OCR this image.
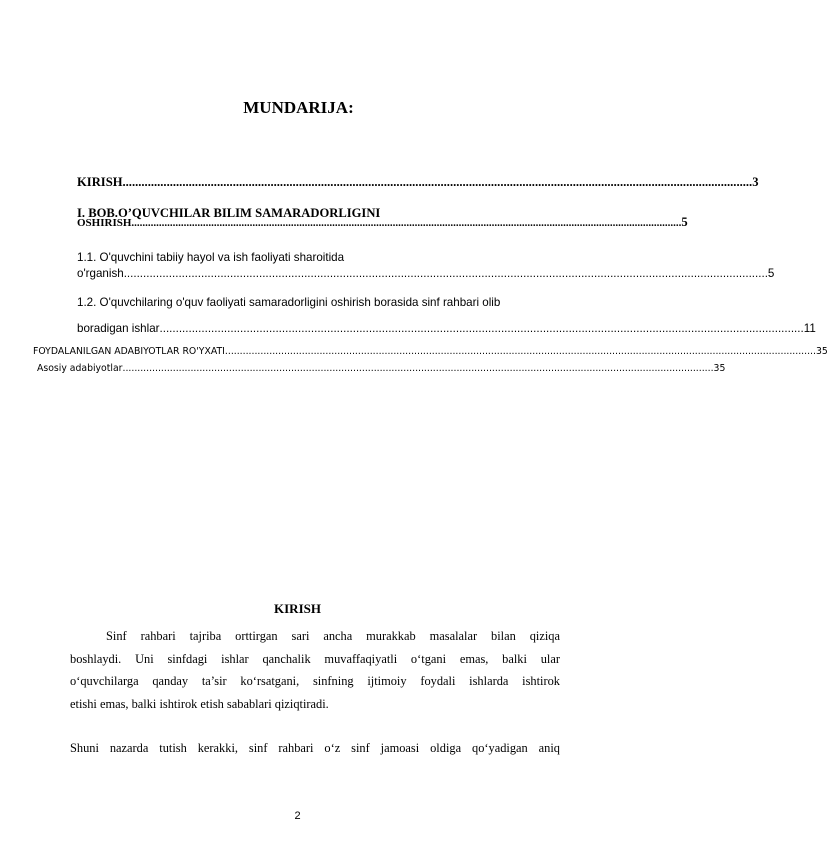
MUNDARIJA:
KIRISH ........................................................................................................................................................................................................ 3
I. BOB.O’QUVCHILAR BILIM SAMARADORLIGINI
OSHIRISH ........................................................................................................................................................................................................ 5
1.1. O'quvchini tabiiy hayol va ish faoliyati sharoitida
o'rganish ........................................................................................................................................................................................................ 5
1.2. O'quvchilaring o'quv faoliyati samaradorligini oshirish borasida sinf rahbari olib
boradigan ishlar ........................................................................................................................................................................................................ 11
FOYDALANILGAN ADABIYOTLAR RO'YXATI ........................................................................................................................................................................................................ 35
Asosiy adabiyotlar ........................................................................................................................................................................................................ 35
KIRISH
Sinf rahbari tajriba orttirgan sari ancha murakkab masalalar bilan qiziqa
boshlaydi. Uni sinfdagi ishlar qanchalik muvaffaqiyatli o‘tgani emas, balki ular
o‘quvchilarga qanday ta’sir ko‘rsatgani, sinfning ijtimoiy foydali ishlarda ishtirok
etishi emas, balki ishtirok etish sabablari qiziqtiradi.
Shuni nazarda tutish kerakki, sinf rahbari o‘z sinf jamoasi oldiga qo‘yadigan aniq
2
